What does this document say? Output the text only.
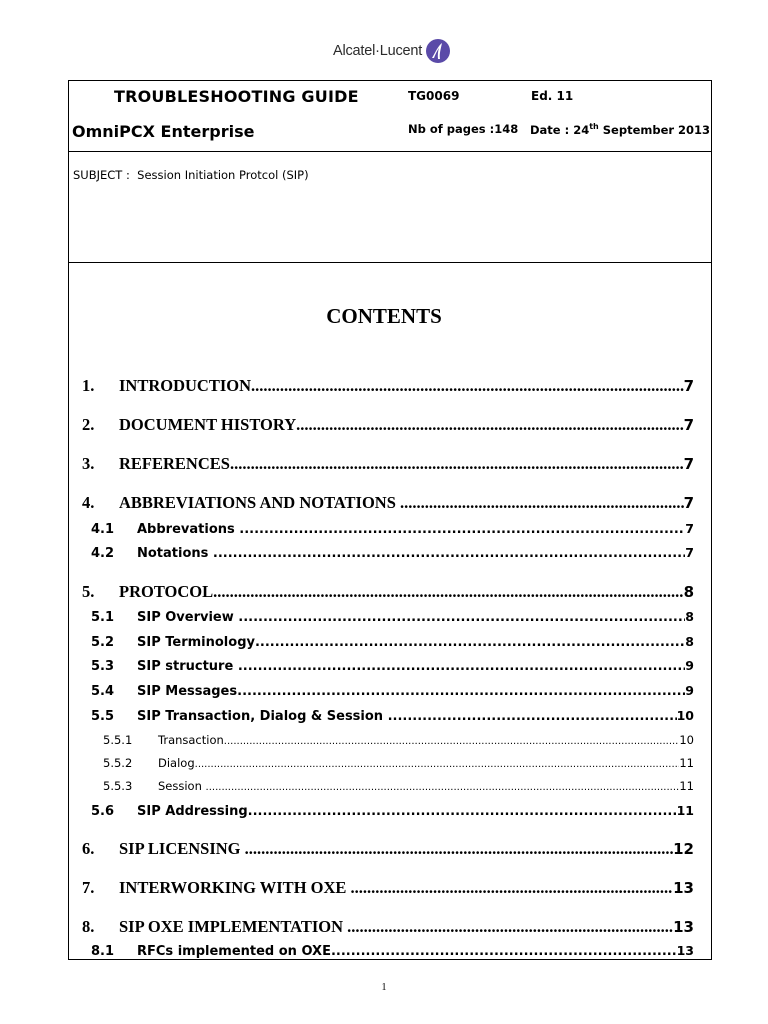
Alcatel·Lucent
TROUBLESHOOTING GUIDE
OmniPCX Enterprise
TG0069	Ed. 11
Nb of pages :148 Date : 24th September 2013
SUBJECT :  Session Initiation Protcol (SIP)
CONTENTS
1.	INTRODUCTION .....	7
2.	DOCUMENT HISTORY .....	7
3.	REFERENCES .....	7
4.	ABBREVIATIONS AND NOTATIONS .....	7
4.1	Abbrevations .....	7
4.2	Notations .....	7
5.	PROTOCOL .....	8
5.1	SIP Overview .....	8
5.2	SIP Terminology .....	8
5.3	SIP structure .....	9
5.4	SIP Messages .....	9
5.5	SIP Transaction, Dialog & Session .....	10
5.5.1	Transaction .....	10
5.5.2	Dialog .....	11
5.5.3	Session .....	11
5.6	SIP Addressing .....	11
6.	SIP LICENSING .....	12
7.	INTERWORKING WITH OXE .....	13
8.	SIP OXE IMPLEMENTATION .....	13
8.1	RFCs implemented on OXE .....	13
1
